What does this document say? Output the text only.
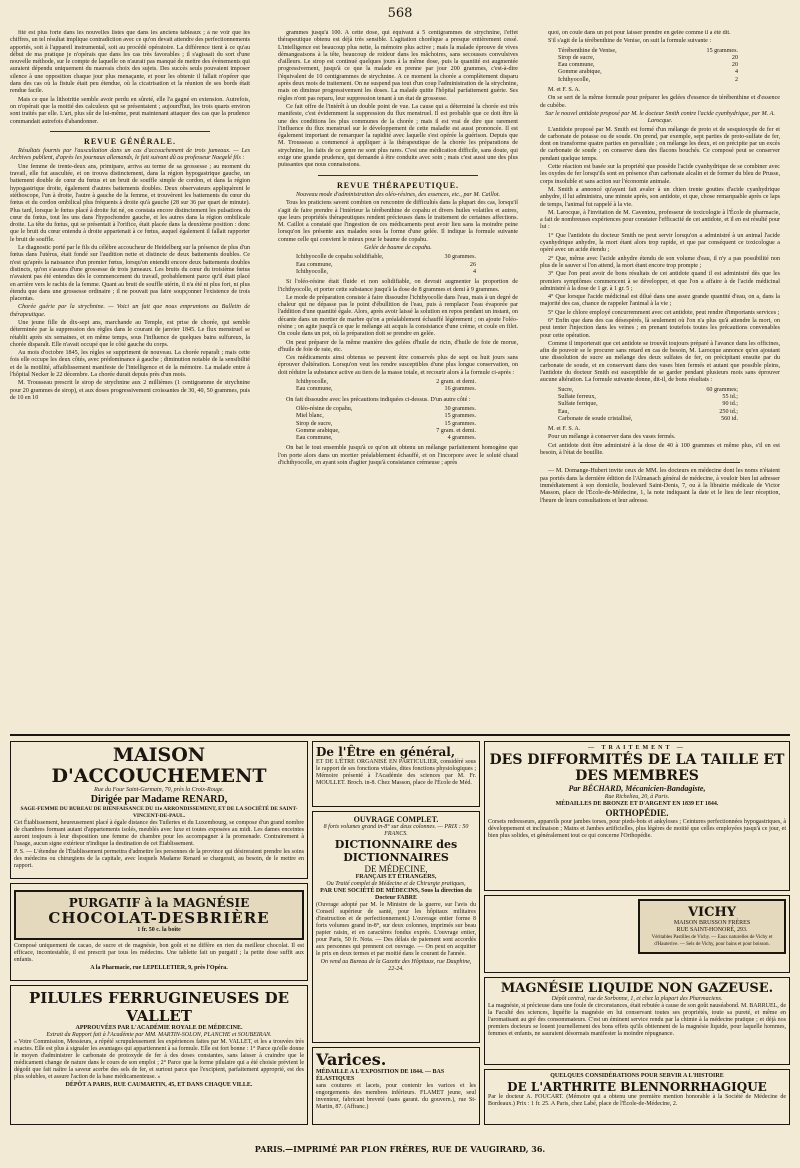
568

fité est plus forte dans les nouvelles listes que dans les anciens tableaux ; à ne voir que les chiffres, un tel résultat implique contradiction avec ce qu'on devait attendre des perfectionnements apportés, soit à l'appareil instrumental, soit au procédé opératoire. La différence tient à ce qu'au début de ma pratique je n'opérais que dans les cas très favorables ; il s'agissait du sort d'une nouvelle méthode, sur le compte de laquelle on n'aurait pas manqué de mettre des événements qui auraient dépendu uniquement du mauvais choix des sujets. Des succès seuls pouvaient imposer silence à une opposition chaque jour plus menaçante, et pour les obtenir il fallait n'opérer que dans des cas où la fistule était peu étendue, où la cicatrisation et la réunion de ses bords était rendue facile.

Mais ce que la lithotritie semble avoir perdu en sûreté, elle l'a gagné en extension. Autrefois, on n'opérait que la moitié des calculeux qui se présentaient ; aujourd'hui, les trois quarts environ sont traités par elle. L'art, plus sûr de lui-même, peut maintenant attaquer des cas que la prudence commandait autrefois d'abandonner.

REVUE GÉNÉRALE.

Résultats fournis par l'auscultation dans un cas d'accouchement de trois jumeaux. — Les Archives publient, d'après les journaux allemands, le fait suivant dû au professeur Naegelé fils :

Une femme de trente-deux ans, primipare, arriva au terme de sa grossesse ; au moment du travail, elle fut auscultée, et on trouva distinctement, dans la région hypogastrique gauche, un battement double de cœur du fœtus et un bruit de souffle simple de cordon, et dans la région hypogastrique droite, également d'autres battements doubles. Deux observateurs appliquèrent le stéthoscope, l'un à droite, l'autre à gauche de la femme, et trouvèrent les battements du cœur du fœtus et du cordon ombilical plus fréquents à droite qu'à gauche (28 sur 36 par quart de minute). Plus tard, lorsque le fœtus placé à droite fut né, on constata encore distinctement les pulsations du cœur du fœtus, tout les uns dans l'hypochondre gauche, et les autres dans la région ombilicale droite. La tête du fœtus, qui se présentait à l'orifice, était placée dans la deuxième position : donc que le bruit du cœur entendu à droite appartenait à ce fœtus, auquel également il fallait rapporter le bruit de souffle.

Le diagnostic porté par le fils du célèbre accoucheur de Heidelberg sur la présence de plus d'un fœtus dans l'utérus, était fondé sur l'audition nette et distincte de deux battements doubles. Ce n'est qu'après la naissance d'un premier fœtus, lorsqu'on entendit encore deux battements doubles distincts, qu'on s'assura d'une grossesse de trois jumeaux. Les bruits du cœur du troisième fœtus n'avaient pas été entendus dès le commencement du travail, probablement parce qu'il était placé en arrière vers le rachis de la femme. Quant au bruit de souffle utérin, il n'a été ni plus fort, ni plus étendu que dans une grossesse ordinaire ; il ne pouvait pas faire soupçonner l'existence de trois placentas.

Chorée guérie par la strychnine. — Voici un fait que nous empruntons au Bulletin de thérapeutique.

Une jeune fille de dix-sept ans, marchande au Temple, est prise de chorée, qui semble déterminée par la suppression des règles dans le courant de janvier 1845. Le flux menstruel se rétablit après six semaines, et en même temps, sous l'influence de quelques bains sulfureux, la chorée disparaît. Elle n'avait occupé que le côté gauche du corps.

Au mois d'octobre 1845, les règles se suppriment de nouveau. La chorée reparaît ; mais cette fois elle occupe les deux côtés, avec prédominance à gauche ; diminution notable de la sensibilité et de la motilité, affaiblissement manifeste de l'intelligence et de la mémoire. La malade entre à l'hôpital Necker le 22 décembre. La chorée durait depuis près d'un mois.

M. Trousseau prescrit le sirop de strychnine aux 2 millièmes (1 centigramme de strychnine pour 20 grammes de sirop), et aux doses progressivement croissantes de 30, 40, 50 grammes, puis de 10 en 10

grammes jusqu'à 100. A cette dose, qui équivaut à 5 centigrammes de strychnine, l'effet thérapeutique obtenu est déjà très sensible. L'agitation choréique a presque entièrement cessé. L'intelligence est beaucoup plus nette, la mémoire plus active ; mais la malade éprouve de vives démangeaisons à la tête, beaucoup de roideur dans les mâchoires, sans secousses convulsives d'ailleurs. Le sirop est continué quelques jours à la même dose, puis la quantité est augmentée progressivement, jusqu'à ce que la malade en prenne par jour 200 grammes, c'est-à-dire l'équivalent de 10 centigrammes de strychnine. A ce moment la chorée a complètement disparu après deux mois de traitement. On ne suspend pas tout d'un coup l'administration de la strychnine, mais on diminue progressivement les doses. La malade quitte l'hôpital parfaitement guérie. Ses règles n'ont pas reparu, leur suppression tenant à un état de grossesse.

Ce fait offre de l'intérêt à un double point de vue. La cause qui a déterminé la chorée est très manifeste, c'est évidemment la suppression du flux menstruel. Il est probable que ce doit être là une des conditions les plus communes de la chorée ; mais il est vrai de dire que rarement l'influence du flux menstruel sur le développement de cette maladie est aussi prononcée. Il est également important de remarquer la rapidité avec laquelle s'est opérée la guérison. Depuis que M. Trousseau a commencé à appliquer à la thérapeutique de la chorée les préparations de strychnine, les faits de ce genre ne sont plus rares. C'est une médication difficile, sans doute, qui exige une grande prudence, qui demande à être conduite avec soin ; mais c'est aussi une des plus puissantes que nous connaissions.

REVUE THÉRAPEUTIQUE.

Nouveau mode d'administration des oléo-résines, des essences, etc., par M. Caillot.

Tous les praticiens savent combien on rencontre de difficultés dans la plupart des cas, lorsqu'il s'agit de faire prendre à l'intérieur la térébenthine de copahu et divers huiles volatiles et autres, que leurs propriétés thérapeutiques rendent précieuses dans le traitement de certaines affections. M. Caillot a constaté que l'ingestion de ces médicaments peut avoir lieu sans la moindre peine lorsqu'on les présente aux malades sous la forme d'une gelée. Il indique la formule suivante comme celle qui convient le mieux pour le baume de copahu.

Gelée de baume de copahu.

Ichthyocolle de copahu solidifiable,	30 grammes.
Eau commune,	26
Ichthyocolle,	4

Si l'oléo-résine était fluide et non solidifiable, on devrait augmenter la proportion de l'ichthyocolle, et porter cette substance jusqu'à la dose de 8 grammes et demi à 9 grammes.

Le mode de préparation consiste à faire dissoudre l'ichthyocolle dans l'eau, mais à un degré de chaleur qui ne dépasse pas le point d'ébullition de l'eau, puis à remplacer l'eau évaporée par l'addition d'une quantité égale. Alors, après avoir laissé la solution en repos pendant un instant, on décante dans un mortier de marbre qu'on a préalablement échauffé légèrement ; on ajoute l'oléo-résine ; on agite jusqu'à ce que le mélange ait acquis la consistance d'une crème, et coule en filet. On coule dans un pot, où la préparation doit se prendre en gelée.

On peut préparer de la même manière des gelées d'huile de ricin, d'huile de foie de morue, d'huile de foie de raie, etc.

Ces médicaments ainsi obtenus se peuvent être conservés plus de sept ou huit jours sans éprouver d'altération. Lorsqu'on veut les rendre susceptibles d'une plus longue conservation, on doit réduire la substance active au tiers de la masse totale, et recourir alors à la formule ci-après :

Ichthyocolle,	2 gram. et demi.
Eau commune,	16 grammes.

On fait dissoudre avec les précautions indiquées ci-dessus. D'un autre côté :

Oléo-résine de copahu,	30 grammes.
Miel blanc,	15 grammes.
Sirop de sucre,	15 grammes.
Gomme arabique,	7 gram. et demi.
Eau commune,	4 grammes.

On bat le tout ensemble jusqu'à ce qu'on ait obtenu un mélange parfaitement homogène que l'on porte alors dans un mortier préalablement échauffé, et on l'incorpore avec le soluté chaud d'ichthyocolle, en ayant soin d'agiter jusqu'à consistance crémeuse ; après

quoi, on coule dans un pot pour laisser prendre en gelée comme il a été dit.

S'il s'agit de la térébenthine de Venise, on suit la formule suivante :

Térébenthine de Venise,	15 grammes.
Sirop de sucre,	20
Eau commune,	20
Gomme arabique,	4
Ichthyocolle,	2

M. et F. S. A.

On se sert de la même formule pour préparer les gelées d'essence de térébenthine et d'essence de cubèbe.

Sur le nouvel antidote proposé par M. le docteur Smith contre l'acide cyanhydrique, par M. A. Larocque.

L'antidote proposé par M. Smith est formé d'un mélange de proto et de sesquioxyde de fer et de carbonate de potasse ou de soude. On prend, par exemple, sept parties de proto-sulfate de fer, dont on transforme quatre parties en persulfate ; on mélange les deux, et on précipite par un excès de carbonate de soude ; on conserve dans des flacons bouchés. Ce composé peut se conserver pendant quelque temps.

Cette réaction est basée sur la propriété que possède l'acide cyanhydrique de se combiner avec les oxydes de fer lorsqu'ils sont en présence d'un carbonate alcalin et de former du bleu de Prusse, corps insoluble et sans action sur l'économie animale.

M. Smith a annoncé qu'ayant fait avaler à un chien trente gouttes d'acide cyanhydrique anhydre, il lui administra, une minute après, son antidote, et que, chose remarquable après ce laps de temps, l'animal fut rappelé à la vie.

M. Larocque, à l'invitation de M. Caventou, professeur de toxicologie à l'École de pharmacie, a fait de nombreuses expériences pour constater l'efficacité de cet antidote, et il en est résulté pour lui :

1° Que l'antidote du docteur Smith ne peut servir lorsqu'on a administré à un animal l'acide cyanhydrique anhydre, la mort étant alors trop rapide, et que par conséquent ce toxicologue a opéré avec un acide étendu ;

2° Que, même avec l'acide anhydre étendu de son volume d'eau, il n'y a pas possibilité non plus de le sauver si l'on attend, la mort étant encore trop prompte ;

3° Que l'on peut avoir de bons résultats de cet antidote quand il est administré dès que les premiers symptômes commencent à se développer, et que l'on a affaire à de l'acide médicinal administré à la dose de 1 gr. à 1 gr. 5 ;

4° Que lorsque l'acide médicinal est dilué dans une assez grande quantité d'eau, on a, dans la majorité des cas, chance de rappeler l'animal à la vie ;

5° Que le chlore employé concurremment avec cet antidote, peut rendre d'importants services ;

6° Enfin que dans des cas désespérés, là seulement où l'on n'a plus qu'à attendre la mort, on peut tenter l'injection dans les veines ; en prenant toutefois toutes les précautions convenables pour cette opération.

Comme il importerait que cet antidote se trouvât toujours préparé à l'avance dans les officines, afin de pouvoir se le procurer sans retard en cas de besoin, M. Larocque annonce qu'en ajoutant une dissolution de sucre au mélange des deux sulfates de fer, on précipitant ensuite par du carbonate de soude, et en conservant dans des vases bien fermés et autant que possible pleins, l'antidote du docteur Smith est susceptible de se garder pendant plusieurs mois sans éprouver aucune altération. La formule suivante donne, dit-il, de bons résultats :

Sucre,	60 grammes;
Sulfate ferreux,	55 id.;
Sulfate ferrique,	90 id.;
Eau,	250 id.;
Carbonate de soude cristallisé,	560 id.

M. et F. S. A.

Pour un mélange à conserver dans des vases fermés.

Cet antidote doit être administré à la dose de 40 à 100 grammes et même plus, s'il en est besoin, à l'état de bouillie.

— M. Domange-Hubert invite ceux de MM. les docteurs en médecine dont les noms n'étaient pas portés dans la dernière édition de l'Almanach général de médecine, à vouloir bien lui adresser immédiatement à son domicile, boulevard Saint-Denis, 7, ou à la librairie médicale de Victor Masson, place de l'École-de-Médecine, 1, la note indiquant la date et le lieu de leur réception, l'heure de leurs consultations et leur adresse.

MAISON D'ACCOUCHEMENT
Rue du Four Saint-Germain, 70, près la Croix-Rouge.
Dirigée par Madame RENARD,
SAGE-FEMME DU BUREAU DE BIENFAISANCE DU 11e ARRONDISSEMENT, ET DE LA SOCIÉTÉ DE SAINT-VINCENT-DE-PAUL.

Cet Établissement, heureusement placé à égale distance des Tuileries et du Luxembourg, se compose d'un grand nombre de chambres formant autant d'appartements isolés, meublés avec luxe et toutes exposées au midi. Les dames enceintes auront toujours à leur disposition une femme de chambre pour les accompagner à la promenade. Contrairement à l'usage, aucun signe extérieur n'indique la destination de cet Établissement.

P. S. — L'étendue de l'Établissement permettra d'admettre les personnes de la province qui désireraient prendre les soins des médecins ou chirurgiens de la capitale, avec lesquels Madame Renard se chargerait, au besoin, de le mettre en rapport.

PURGATIF à la MAGNÉSIE
CHOCOLAT-DESBRIÈRE
1 fr. 50 c. la boîte

Composé uniquement de cacao, de sucre et de magnésie, bon goût et ne diffère en rien du meilleur chocolat. Il est efficace, incontestable, il est prescrit par tous les médecins. Une tablette fait un purgatif ; la petite dose suffit aux enfants.

A la Pharmacie, rue LEPELLETIER, 9, près l'Opéra.
PILULES FERRUGINEUSES DE VALLET
APPROUVÉES PAR L'ACADÉMIE ROYALE DE MÉDECINE.
Extrait du Rapport fait à l'Académie par MM. MARTIN-SOLON, PLANCHE et SOUBEIRAN.

« Votre Commission, Messieurs, a répété scrupuleusement les expériences faites par M. VALLET, et les a trouvées très exactes. Elle est plus à signaler les avantages qui appartiennent à sa formule. Elle est fort bonne : 1° Parce qu'elle donne le moyen d'administrer le carbonate de protoxyde de fer à des doses constantes, sans laisser à craindre que le médicament change de nature dans le cours de son emploi ; 2° Parce que la forme pilulaire qui a été choisie prévient le dégoût que fait naître la saveur acerbe des sels de fer, et surtout parce que l'excipient, parfaitement approprié, est des plus solubles, et assure l'action de la base médicamenteuse. »

DÉPÔT A PARIS, RUE CAUMARTIN, 45, ET DANS CHAQUE VILLE.
De l'Être en général,

ET DE L'ÊTRE ORGANISÉ EN PARTICULIER, considéré sous le rapport de ses fonctions vitales, dites fonctions physiologiques ; Mémoire présenté à l'Académie des sciences par M. Fr. MOULLET. Broch. in-8. Chez Masson, place de l'École de Méd.

OUVRAGE COMPLET.
8 forts volumes grand in-8° sur deux colonnes. — PRIX : 50 FRANCS.
DICTIONNAIRE des DICTIONNAIRES
DE MÉDECINE,
FRANÇAIS ET ÉTRANGERS,
Ou Traité complet de Médecine et de Chirurgie pratiques,
PAR UNE SOCIÉTÉ DE MÉDECINS, Sous la direction du Docteur FABRE

(Ouvrage adopté par M. le Ministre de la guerre, sur l'avis du Conseil supérieur de santé, pour les hôpitaux militaires d'instruction et de perfectionnement.) L'ouvrage entier forme 8 forts volumes grand in-8°, sur deux colonnes, imprimés sur beau papier raisin, et en caractères fondus exprès. L'ouvrage entier, pour Paris, 50 fr. Nota. — Des délais de paiement sont accordés aux personnes qui prennent cet ouvrage. — On peut en acquitter le prix en deux termes et par moitié dans le courant de l'année.

On vend au Bureau de la Gazette des Hôpitaux, rue Dauphine, 22-24.
Varices.
MÉDAILLE A L'EXPOSITION DE 1844. — BAS ÉLASTIQUES

sans coutures et lacets, pour contenir les varices et les engorgements des membres inférieurs. FLAMET jeune, seul inventeur, fabricant breveté (sans garant. du gouvern.), rue St-Martin, 87. (Affranc.)

— TRAITEMENT —
DES DIFFORMITÉS DE LA TAILLE ET DES MEMBRES
Par BÉCHARD, Mécanicien-Bandagiste,
Rue Richelieu, 20, à Paris.
MÉDAILLES DE BRONZE ET D'ARGENT EN 1839 ET 1844.
ORTHOPÉDIE.

Corsets redresseurs, appareils pour jambes torses, pour pieds-bots et ankyloses ; Ceintures perfectionnées hypogastriques, à développement et inclinaison ; Mains et Jambes artificielles, plus légères de moitié que celles employées jusqu'à ce jour, et bien plus solides, et généralement tout ce qui concerne l'Orthopédie.

VICHY
MAISON BRUSSON FRÈRES
RUE SAINT-HONORÉ, 293.
Véritables Pastilles de Vichy. — Eaux naturelles de Vichy et d'Hauterive. — Sels de Vichy, pour bains et pour boisson.
MAGNÉSIE LIQUIDE NON GAZEUSE.
Dépôt central, rue de Sorbonne, 1, et chez la plupart des Pharmaciens.

La magnésie, si précieuse dans une foule de circonstances, était rebutée à cause de son goût nauséabond. M. BARRUEL, de la Faculté des sciences, liquéfie la magnésie en lui conservant toutes ses propriétés, toute sa pureté, et même en l'aromatisant au gré des consommateurs. C'est un éminent service rendu par la chimie à la médecine pratique ; et déjà nos premiers docteurs se louent journellement des bons effets qu'ils obtiennent de la magnésie liquide, pour laquelle hommes, femmes et enfants, ne sauraient désormais manifester la moindre répugnance.

QUELQUES CONSIDÉRATIONS POUR SERVIR A L'HISTOIRE
DE L'ARTHRITE BLENNORRHAGIQUE

Par le docteur A. FOUCART. (Mémoire qui a obtenu une première mention honorable à la Société de Médecine de Bordeaux.) Prix : 1 fr. 25. A Paris, chez Labé, place de l'École-de-Médecine, 2.

PARIS.—IMPRIMÉ PAR PLON FRÈRES, RUE DE VAUGIRARD, 36.
